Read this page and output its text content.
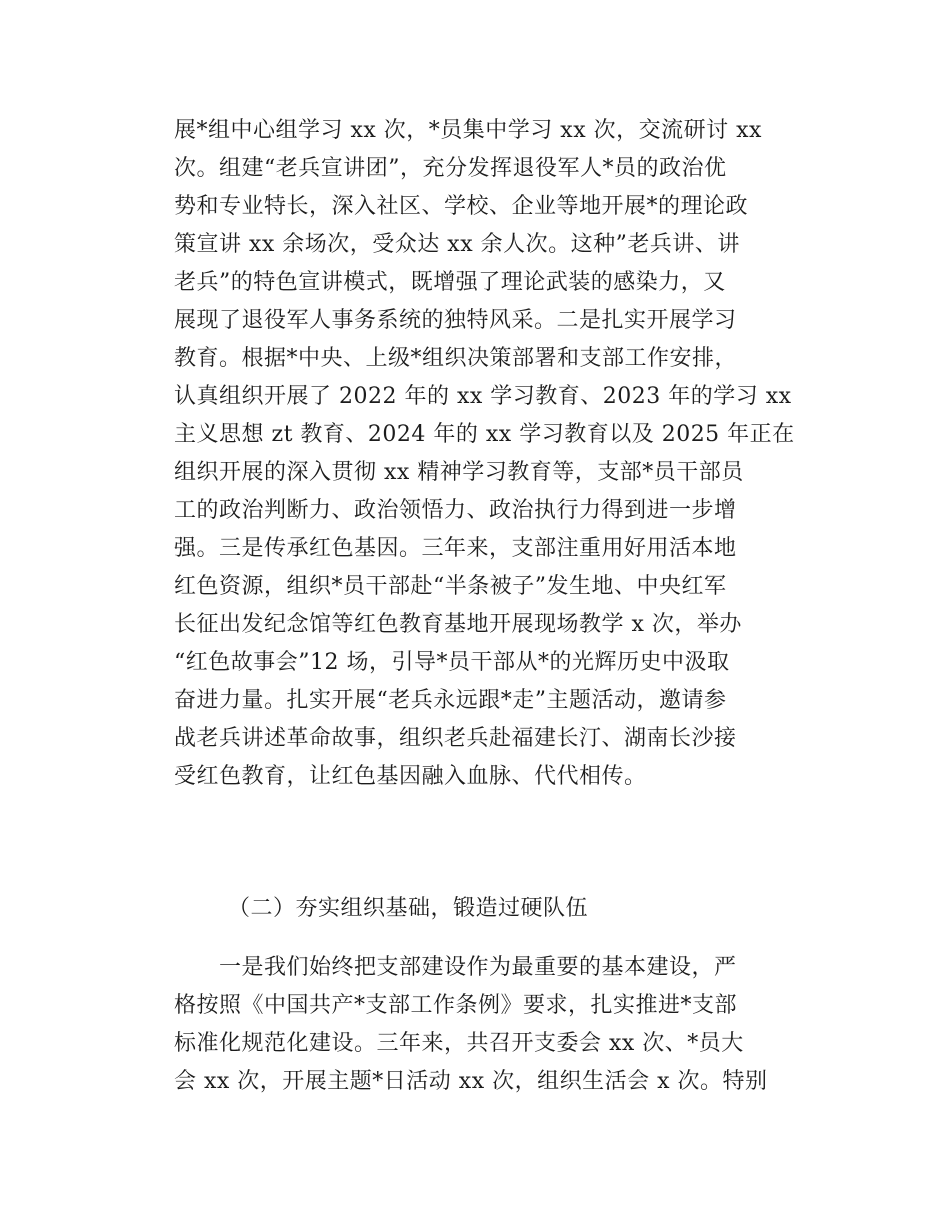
展*组中心组学习 xx 次，*员集中学习 xx 次，交流研讨 xx
次。组建“老兵宣讲团”，充分发挥退役军人*员的政治优
势和专业特长，深入社区、学校、企业等地开展*的理论政
策宣讲 xx 余场次，受众达 xx 余人次。这种”老兵讲、讲
老兵”的特色宣讲模式，既增强了理论武装的感染力，又
展现了退役军人事务系统的独特风采。二是扎实开展学习
教育。根据*中央、上级*组织决策部署和支部工作安排，
认真组织开展了 2022 年的 xx 学习教育、2023 年的学习 xx
主义思想 zt 教育、2024 年的 xx 学习教育以及 2025 年正在
组织开展的深入贯彻 xx 精神学习教育等，支部*员干部员
工的政治判断力、政治领悟力、政治执行力得到进一步增
强。三是传承红色基因。三年来，支部注重用好用活本地
红色资源，组织*员干部赴“半条被子”发生地、中央红军
长征出发纪念馆等红色教育基地开展现场教学 x 次，举办
“红色故事会”12 场，引导*员干部从*的光辉历史中汲取
奋进力量。扎实开展“老兵永远跟*走”主题活动，邀请参
战老兵讲述革命故事，组织老兵赴福建长汀、湖南长沙接
受红色教育，让红色基因融入血脉、代代相传。
（二）夯实组织基础，锻造过硬队伍
　　一是我们始终把支部建设作为最重要的基本建设，严
格按照《中国共产*支部工作条例》要求，扎实推进*支部
标准化规范化建设。三年来，共召开支委会 xx 次、*员大
会 xx 次，开展主题*日活动 xx 次，组织生活会 x 次。特别
